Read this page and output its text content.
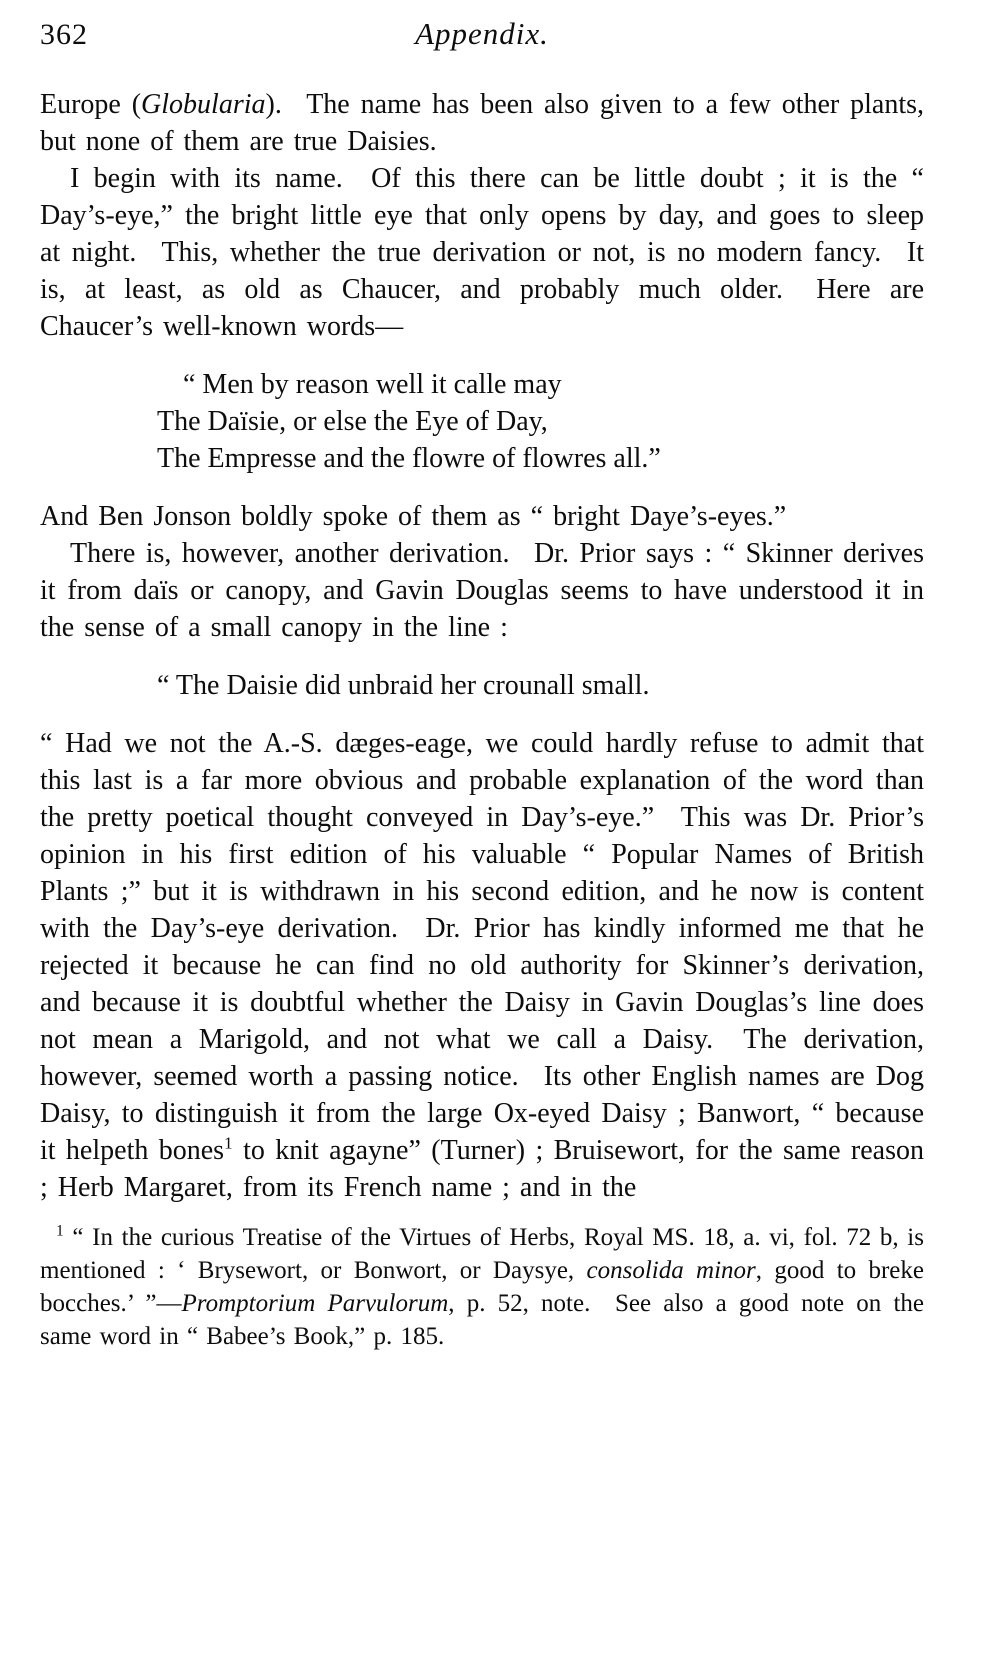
362	Appendix.

Europe (Globularia).  The name has been also given to a few other plants, but none of them are true Daisies.

I begin with its name.  Of this there can be little doubt ; it is the “ Day’s-eye,” the bright little eye that only opens by day, and goes to sleep at night.  This, whether the true derivation or not, is no modern fancy.  It is, at least, as old as Chaucer, and probably much older.  Here are Chaucer’s well-known words—

“ Men by reason well it calle may
The Daïsie, or else the Eye of Day,
The Empresse and the flowre of flowres all.”

And Ben Jonson boldly spoke of them as “ bright Daye’s-eyes.”

There is, however, another derivation.  Dr. Prior says : “ Skinner derives it from daïs or canopy, and Gavin Douglas seems to have understood it in the sense of a small canopy in the line :

“ The Daisie did unbraid her crounall small.

“ Had we not the A.-S. dæges-eage, we could hardly refuse to admit that this last is a far more obvious and probable explanation of the word than the pretty poetical thought conveyed in Day’s-eye.”  This was Dr. Prior’s opinion in his first edition of his valuable “ Popular Names of British Plants ;” but it is withdrawn in his second edition, and he now is content with the Day’s-eye derivation.  Dr. Prior has kindly informed me that he rejected it because he can find no old authority for Skinner’s derivation, and because it is doubtful whether the Daisy in Gavin Douglas’s line does not mean a Marigold, and not what we call a Daisy.  The derivation, however, seemed worth a passing notice.  Its other English names are Dog Daisy, to distinguish it from the large Ox-eyed Daisy ; Banwort, “ because it helpeth bones$^1$ to knit agayne” (Turner) ; Bruisewort, for the same reason ; Herb Margaret, from its French name ; and in the

$^1$ “ In the curious Treatise of the Virtues of Herbs, Royal MS. 18, a. vi, fol. 72 b, is mentioned : ‘ Brysewort, or Bonwort, or Daysye, consolida minor, good to breke bocches.’ ”—Promptorium Parvulorum, p. 52, note.  See also a good note on the same word in “ Babee’s Book,” p. 185.
